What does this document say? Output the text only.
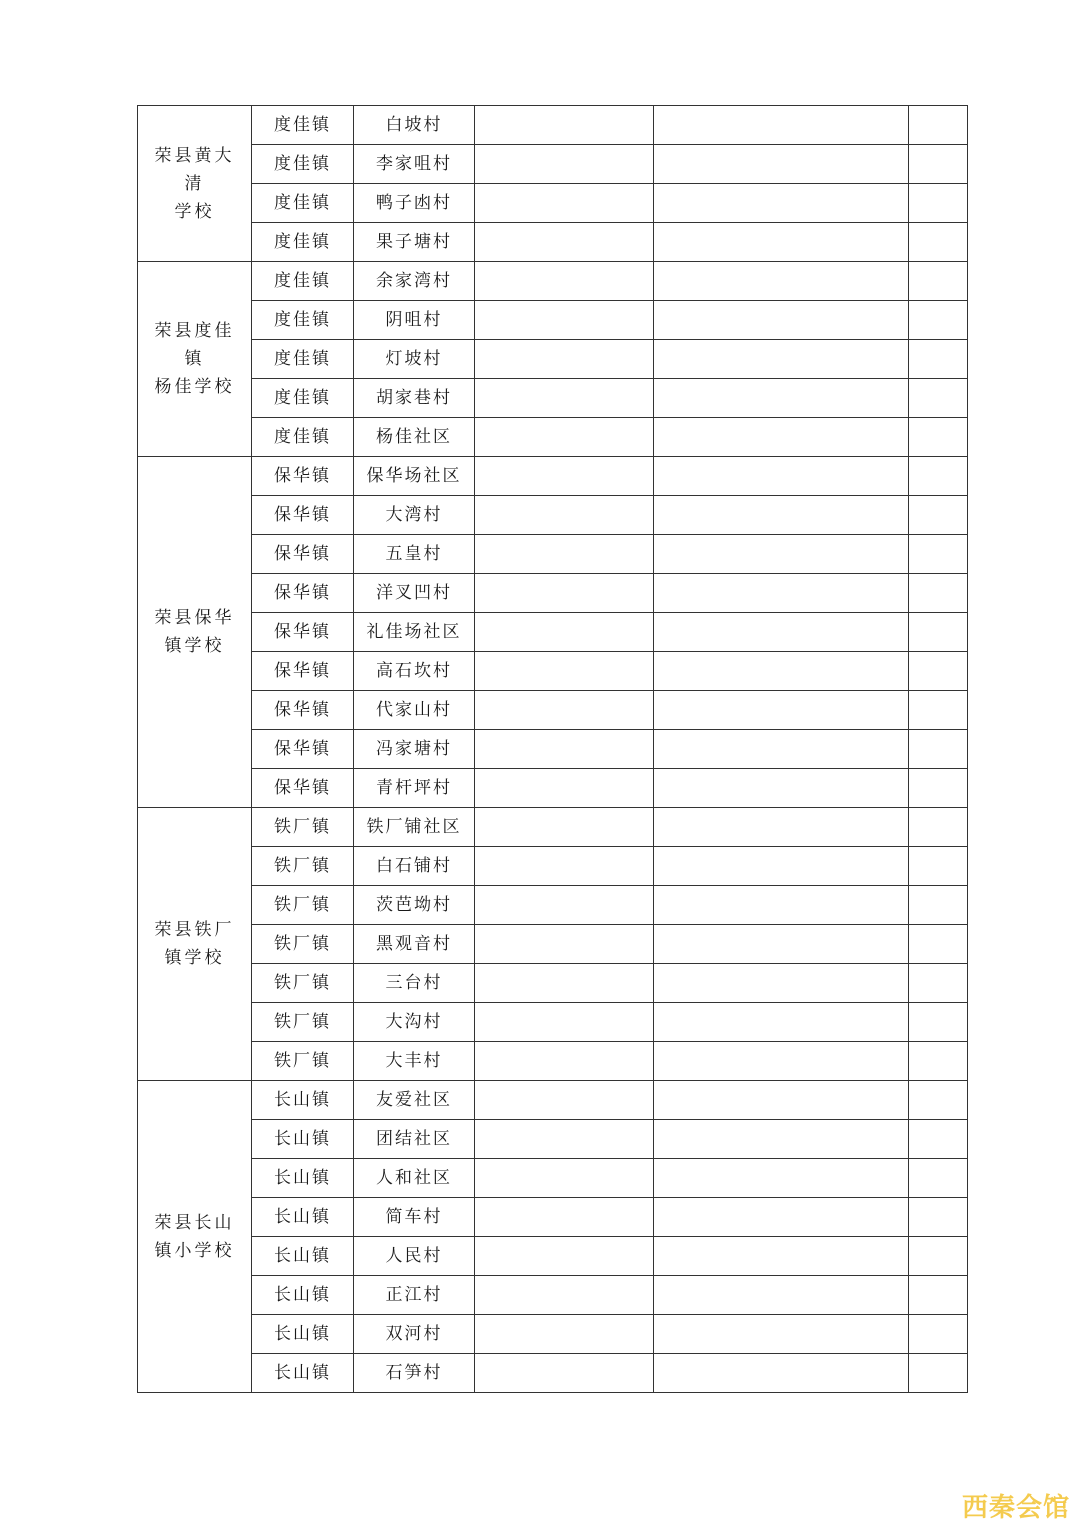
荣县黄大清
学校	度佳镇	白坡村			
	度佳镇	李家咀村			
	度佳镇	鸭子凼村			
	度佳镇	果子塘村			

荣县度佳镇
杨佳学校	度佳镇	余家湾村			
	度佳镇	阴咀村			
	度佳镇	灯坡村			
	度佳镇	胡家巷村			
	度佳镇	杨佳社区			

荣县保华
镇学校	保华镇	保华场社区			
	保华镇	大湾村			
	保华镇	五皇村			
	保华镇	洋叉凹村			
	保华镇	礼佳场社区			
	保华镇	高石坎村			
	保华镇	代家山村			
	保华镇	冯家塘村			
	保华镇	青杆坪村			

荣县铁厂
镇学校	铁厂镇	铁厂铺社区			
	铁厂镇	白石铺村			
	铁厂镇	茨芭坳村			
	铁厂镇	黑观音村			
	铁厂镇	三台村			
	铁厂镇	大沟村			
	铁厂镇	大丰村			

荣县长山
镇小学校	长山镇	友爱社区			
	长山镇	团结社区			
	长山镇	人和社区			
	长山镇	简车村			
	长山镇	人民村			
	长山镇	正江村			
	长山镇	双河村			
	长山镇	石笋村			
西秦会馆
